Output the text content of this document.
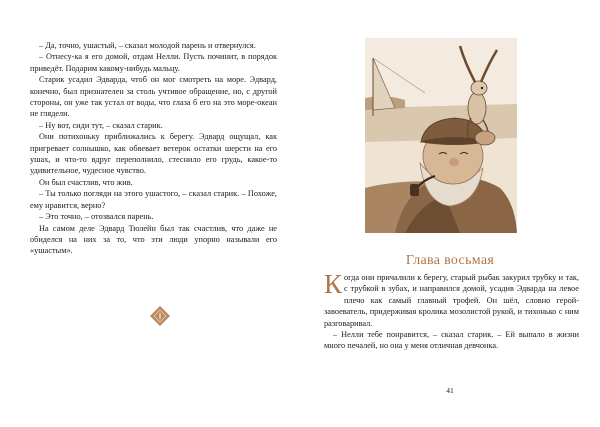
– Да, точно, ушастый, – сказал молодой парень и отвернулся.

– Отнесу-ка я его домой, отдам Нелли. Пусть починит, в порядок приведёт. Подарим какому-нибудь мальцу.

Старик усадил Эдварда, чтоб он мог смотреть на море. Эдвард, конечно, был признателен за столь учтивое обращение, но, с другой стороны, он уже так устал от воды, что глаза б его на это море-океан не глядели.

– Ну вот, сиди тут, – сказал старик.

Они потихоньку приближались к берегу. Эдвард ощущал, как пригревает солнышко, как обвевает ветерок остатки шерсти на его ушах, и что-то вдруг переполнило, стеснило его грудь, какое-то удивительное, чудесное чувство.

Он был счастлив, что жив.

– Ты только погляди на этого ушастого, – сказал старик. – Похоже, ему нравится, верно?

– Это точно, – отозвался парень.

На самом деле Эдвард Тюлейн был так счастлив, что даже не обиделся на них за то, что эти люди упорно называли его «ушастым».

Глава восьмая

Когда они причалили к берегу, старый рыбак закурил трубку и так, с трубкой в зубах, и направился домой, усадив Эдварда на левое плечо как самый главный трофей. Он шёл, словно герой-завоеватель, придерживая кролика мозолистой рукой, и тихонько с ним разговаривал.

– Нелли тебе понравится, – сказал старик. – Ей выпало в жизни много печалей, но она у меня отличная девчонка.

41
